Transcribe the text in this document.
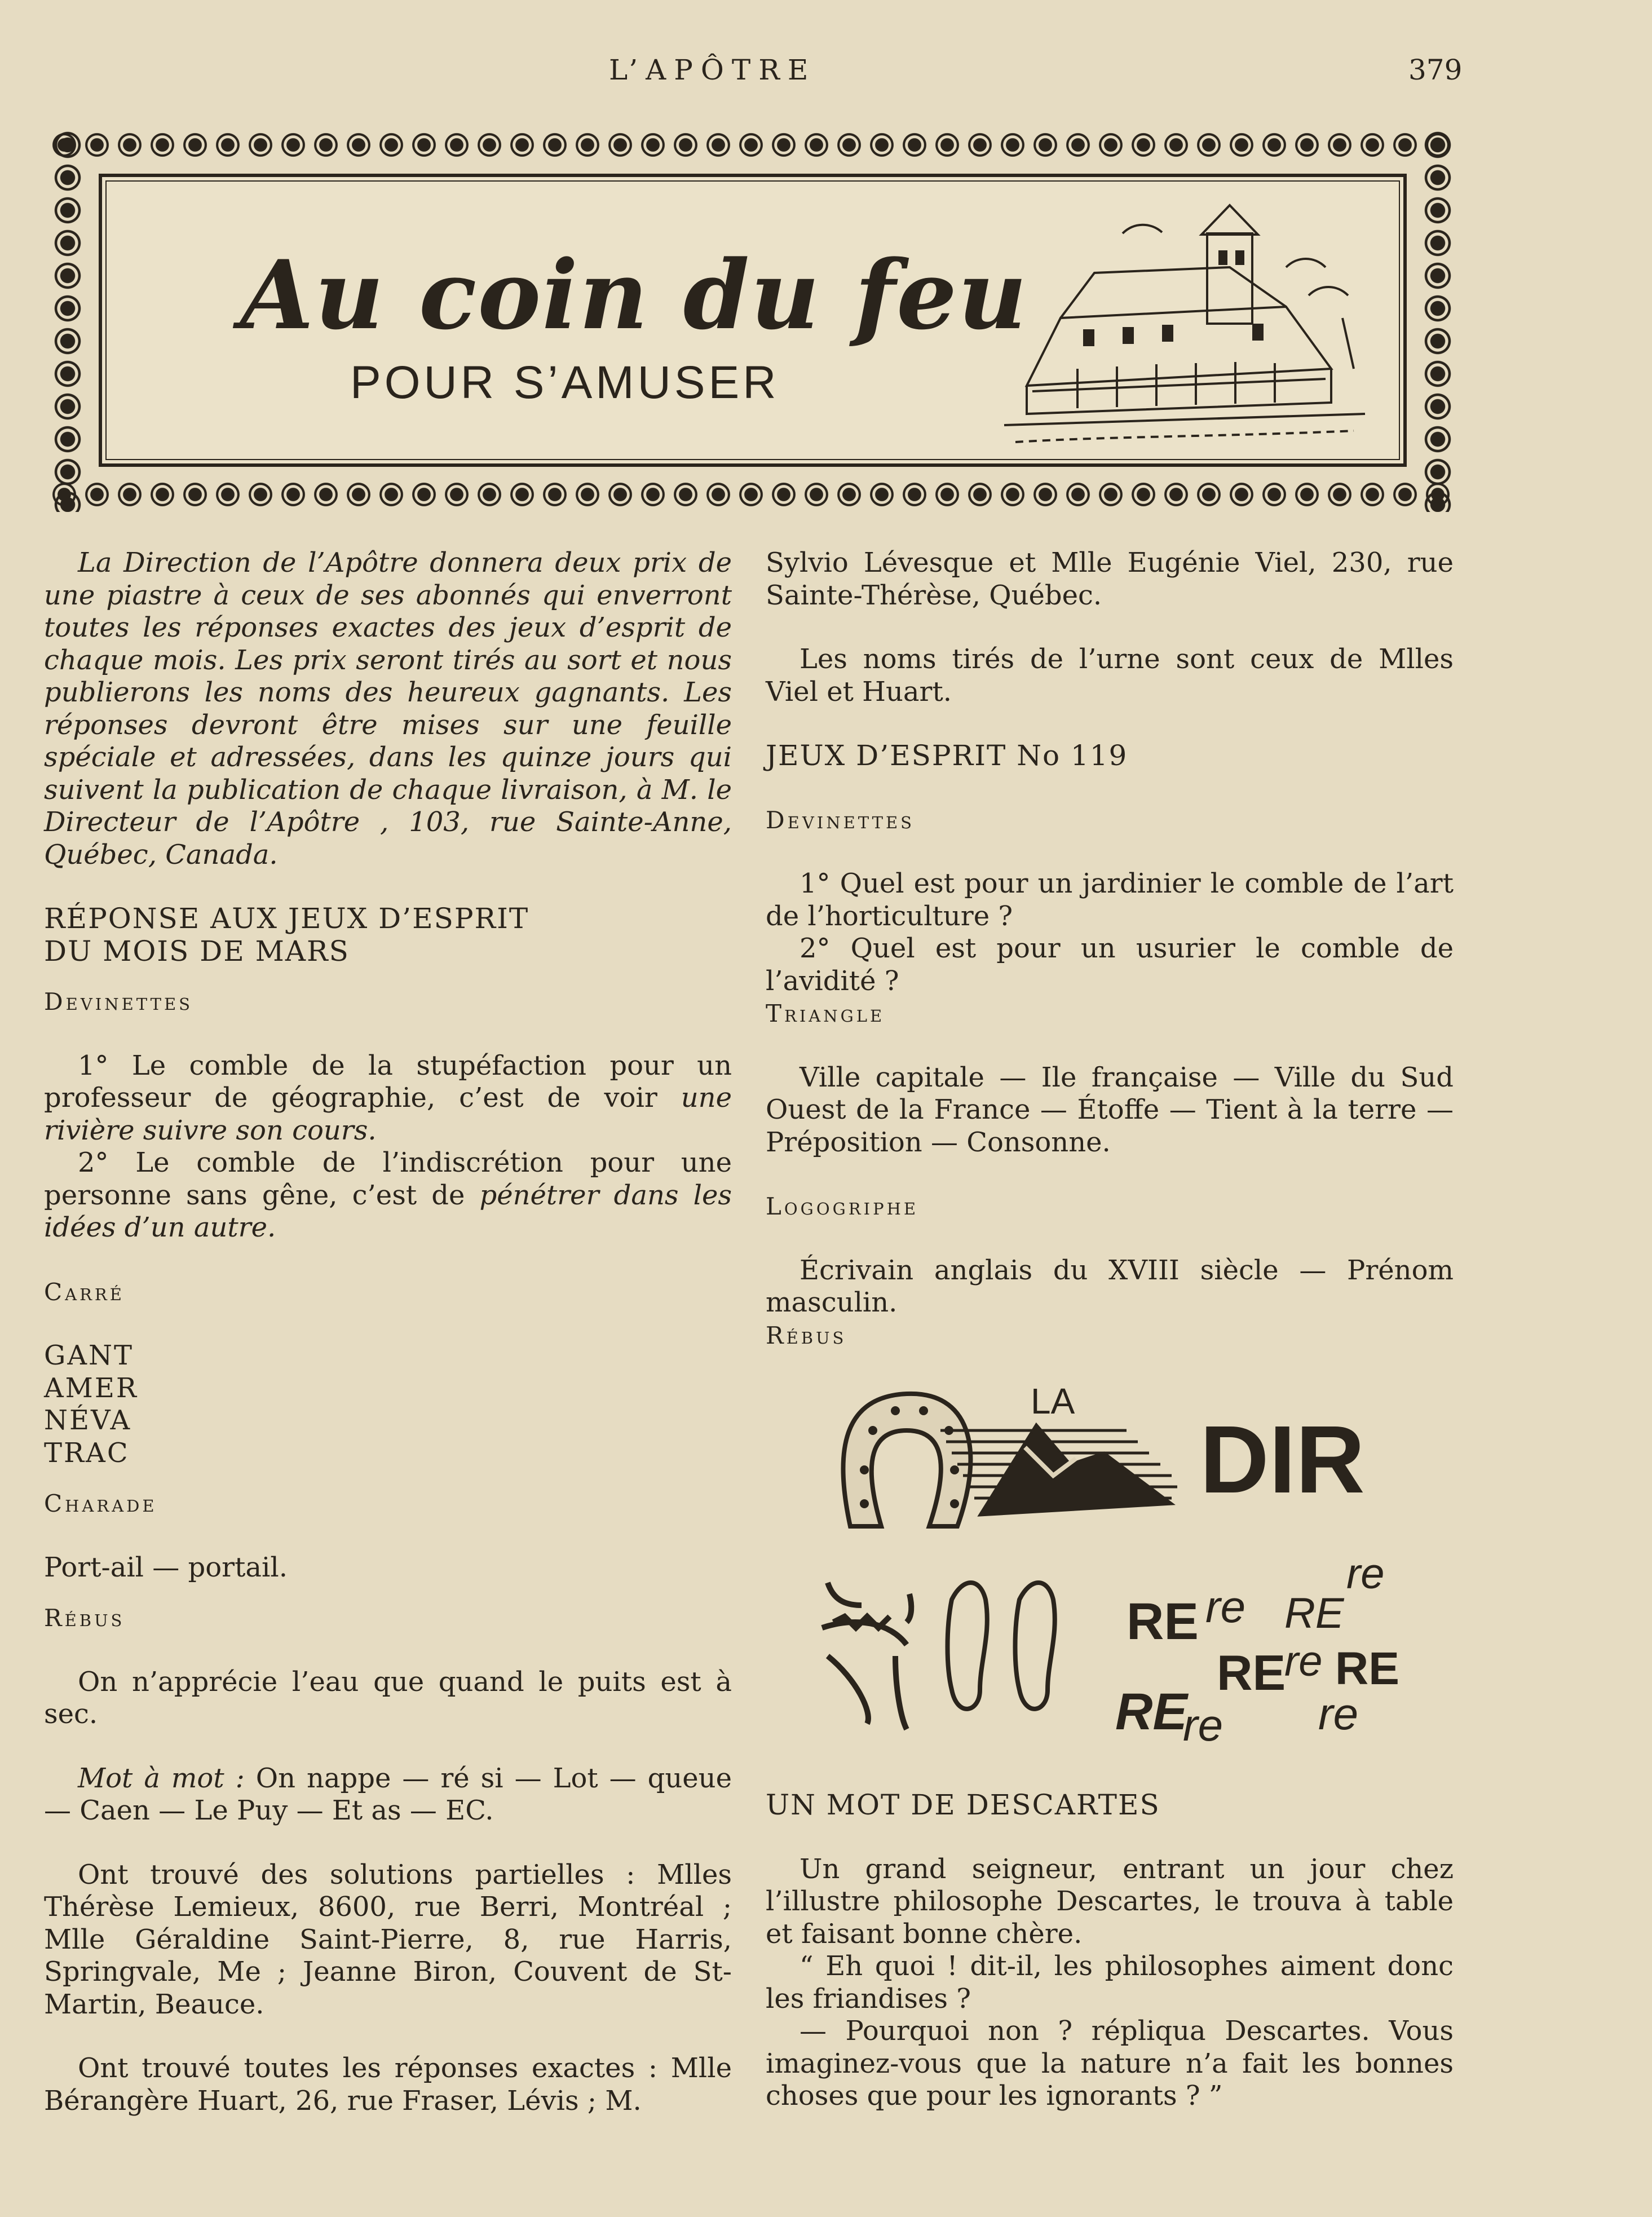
L’APÔTRE	379
Au coin du feu
POUR S’AMUSER

La Direction de l’Apôtre donnera deux prix de une piastre à ceux de ses abonnés qui enverront toutes les réponses exactes des jeux d’esprit de chaque mois. Les prix seront tirés au sort et nous publierons les noms des heureux gagnants. Les réponses devront être mises sur une feuille spéciale et adressées, dans les quinze jours qui suivent la publication de chaque livraison, à M. le Directeur de l’Apôtre , 103, rue Sainte-Anne, Québec, Canada.

RÉPONSE AUX JEUX D’ESPRIT

DU MOIS DE MARS

Devinettes

1° Le comble de la stupéfaction pour un professeur de géographie, c’est de voir une rivière suivre son cours.

2° Le comble de l’indiscrétion pour une personne sans gêne, c’est de pénétrer dans les idées d’un autre.

Carré

GANT

AMER

NÉVA

TRAC

Charade

Port-ail — portail.

Rébus

On n’apprécie l’eau que quand le puits est à sec.

Mot à mot : On nappe — ré si — Lot — queue — Caen — Le Puy — Et as — EC.

Ont trouvé des solutions partielles : Mlles Thérèse Lemieux, 8600, rue Berri, Montréal ; Mlle Géraldine Saint-Pierre, 8, rue Harris, Springvale, Me ; Jeanne Biron, Couvent de St-Martin, Beauce.

Ont trouvé toutes les réponses exactes : Mlle Bérangère Huart, 26, rue Fraser, Lévis ; M.

Sylvio Lévesque et Mlle Eugénie Viel, 230, rue Sainte-Thérèse, Québec.

Les noms tirés de l’urne sont ceux de Mlles Viel et Huart.

JEUX D’ESPRIT No 119

Devinettes

1° Quel est pour un jardinier le comble de l’art de l’horticulture ?

2° Quel est pour un usurier le comble de l’avidité ?

Triangle

Ville capitale — Ile française — Ville du Sud Ouest de la France — Étoffe — Tient à la terre — Préposition — Consonne.

Logogriphe

Écrivain anglais du XVIII siècle — Prénom masculin.

Rébus

LA
DIR
RE re RE
re
RE
re RE
RE
re re

UN MOT DE DESCARTES

Un grand seigneur, entrant un jour chez l’illustre philosophe Descartes, le trouva à table et faisant bonne chère.

“ Eh quoi ! dit-il, les philosophes aiment donc les friandises ?

— Pourquoi non ? répliqua Descartes. Vous imaginez-vous que la nature n’a fait les bonnes choses que pour les ignorants ? ”
